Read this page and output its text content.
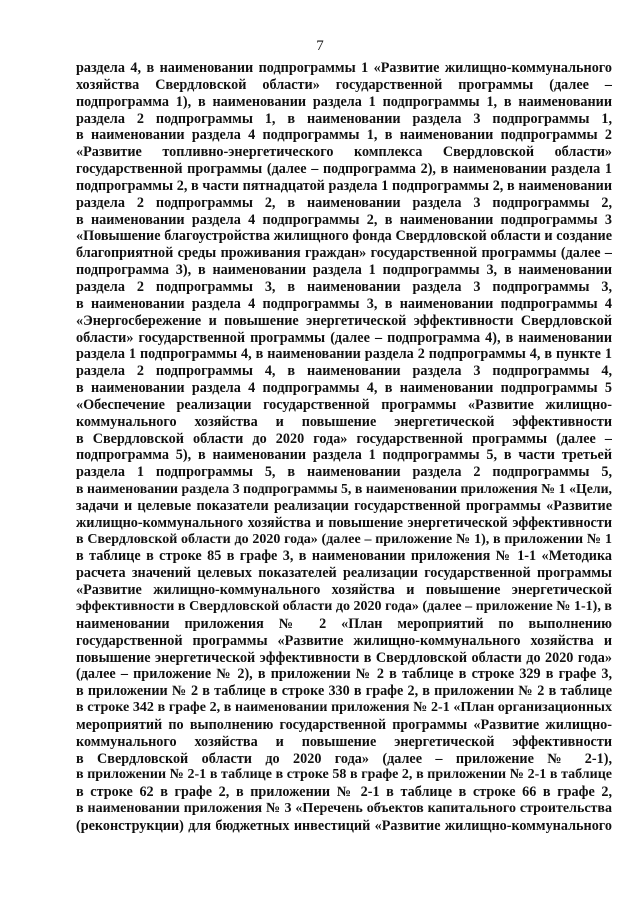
7
раздела 4, в наименовании подпрограммы 1 «Развитие жилищно-коммунального
хозяйства Свердловской области» государственной программы (далее –
подпрограмма 1), в наименовании раздела 1 подпрограммы 1, в наименовании
раздела 2 подпрограммы 1, в наименовании раздела 3 подпрограммы 1,
в наименовании раздела 4 подпрограммы 1, в наименовании подпрограммы 2
«Развитие топливно-энергетического комплекса Свердловской области»
государственной программы (далее – подпрограмма 2), в наименовании раздела 1
подпрограммы 2, в части пятнадцатой раздела 1 подпрограммы 2, в наименовании
раздела 2 подпрограммы 2, в наименовании раздела 3 подпрограммы 2,
в наименовании раздела 4 подпрограммы 2, в наименовании подпрограммы 3
«Повышение благоустройства жилищного фонда Свердловской области и создание
благоприятной среды проживания граждан» государственной программы (далее –
подпрограмма 3), в наименовании раздела 1 подпрограммы 3, в наименовании
раздела 2 подпрограммы 3, в наименовании раздела 3 подпрограммы 3,
в наименовании раздела 4 подпрограммы 3, в наименовании подпрограммы 4
«Энергосбережение и повышение энергетической эффективности Свердловской
области» государственной программы (далее – подпрограмма 4), в наименовании
раздела 1 подпрограммы 4, в наименовании раздела 2 подпрограммы 4, в пункте 1
раздела 2 подпрограммы 4, в наименовании раздела 3 подпрограммы 4,
в наименовании раздела 4 подпрограммы 4, в наименовании подпрограммы 5
«Обеспечение реализации государственной программы «Развитие жилищно-
коммунального хозяйства и повышение энергетической эффективности
в Свердловской области до 2020 года» государственной программы (далее –
подпрограмма 5), в наименовании раздела 1 подпрограммы 5, в части третьей
раздела 1 подпрограммы 5, в наименовании раздела 2 подпрограммы 5,
в наименовании раздела 3 подпрограммы 5, в наименовании приложения № 1 «Цели,
задачи и целевые показатели реализации государственной программы «Развитие
жилищно-коммунального хозяйства и повышение энергетической эффективности
в Свердловской области до 2020 года» (далее – приложение № 1), в приложении № 1
в таблице в строке 85 в графе 3, в наименовании приложения № 1-1 «Методика
расчета значений целевых показателей реализации государственной программы
«Развитие жилищно-коммунального хозяйства и повышение энергетической
эффективности в Свердловской области до 2020 года» (далее – приложение № 1-1), в
наименовании приложения № 2 «План мероприятий по выполнению
государственной программы «Развитие жилищно-коммунального хозяйства и
повышение энергетической эффективности в Свердловской области до 2020 года»
(далее – приложение № 2), в приложении № 2 в таблице в строке 329 в графе 3,
в приложении № 2 в таблице в строке 330 в графе 2, в приложении № 2 в таблице
в строке 342 в графе 2, в наименовании приложения № 2-1 «План организационных
мероприятий по выполнению государственной программы «Развитие жилищно-
коммунального хозяйства и повышение энергетической эффективности
в Свердловской области до 2020 года» (далее – приложение № 2-1),
в приложении № 2-1 в таблице в строке 58 в графе 2, в приложении № 2-1 в таблице
в строке 62 в графе 2, в приложении № 2-1 в таблице в строке 66 в графе 2,
в наименовании приложения № 3 «Перечень объектов капитального строительства
(реконструкции) для бюджетных инвестиций «Развитие жилищно-коммунального
